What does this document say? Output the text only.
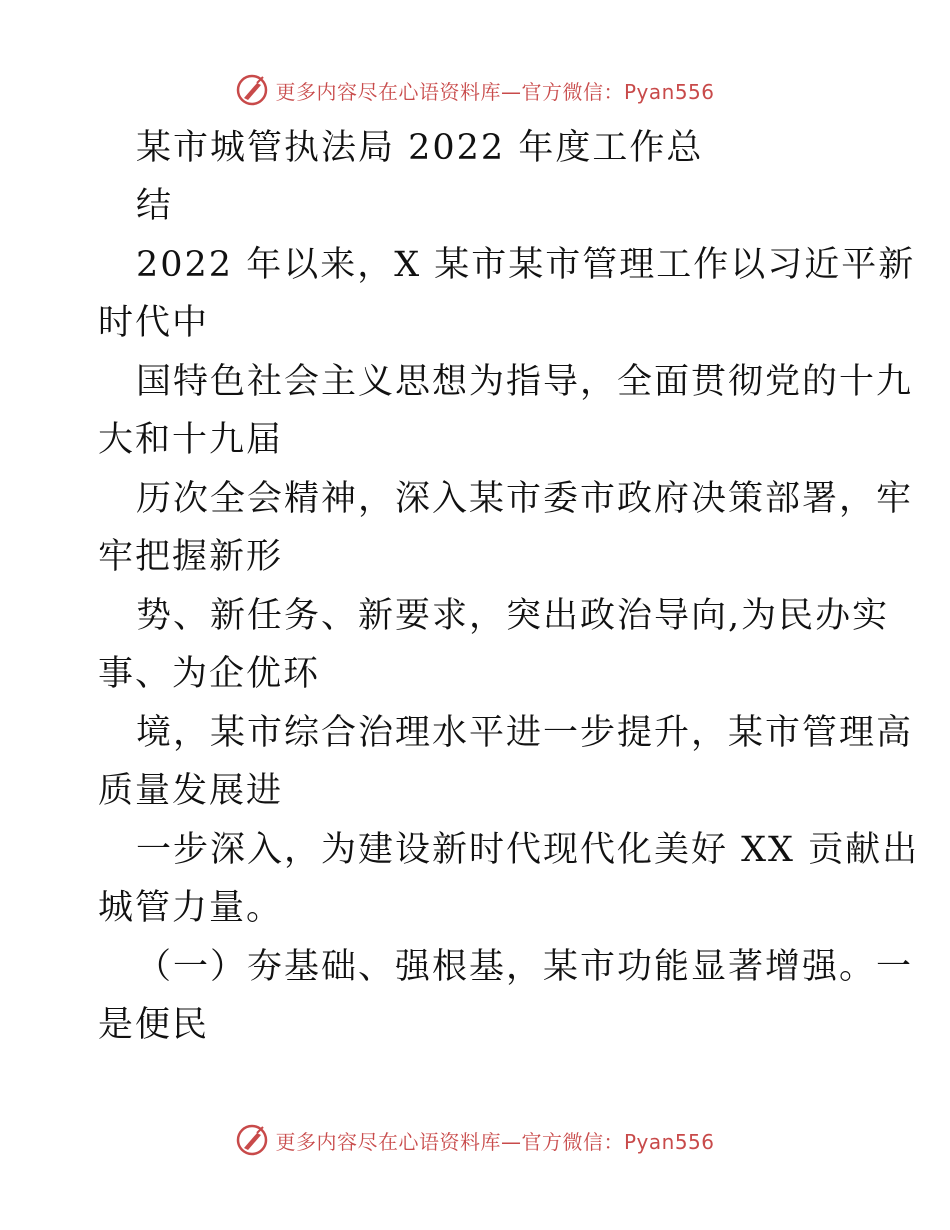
更多内容尽在心语资料库—官方微信：Pyan556
某市城管执法局 2022 年度工作总
结
2022 年以来，X 某市某市管理工作以习近平新
时代中
国特色社会主义思想为指导，全面贯彻党的十九
大和十九届
历次全会精神，深入某市委市政府决策部署，牢
牢把握新形
势、新任务、新要求，突出政治导向,为民办实
事、为企优环
境，某市综合治理水平进一步提升，某市管理高
质量发展进
一步深入，为建设新时代现代化美好 XX 贡献出
城管力量。
（一）夯基础、强根基，某市功能显著增强。一
是便民
更多内容尽在心语资料库—官方微信：Pyan556
